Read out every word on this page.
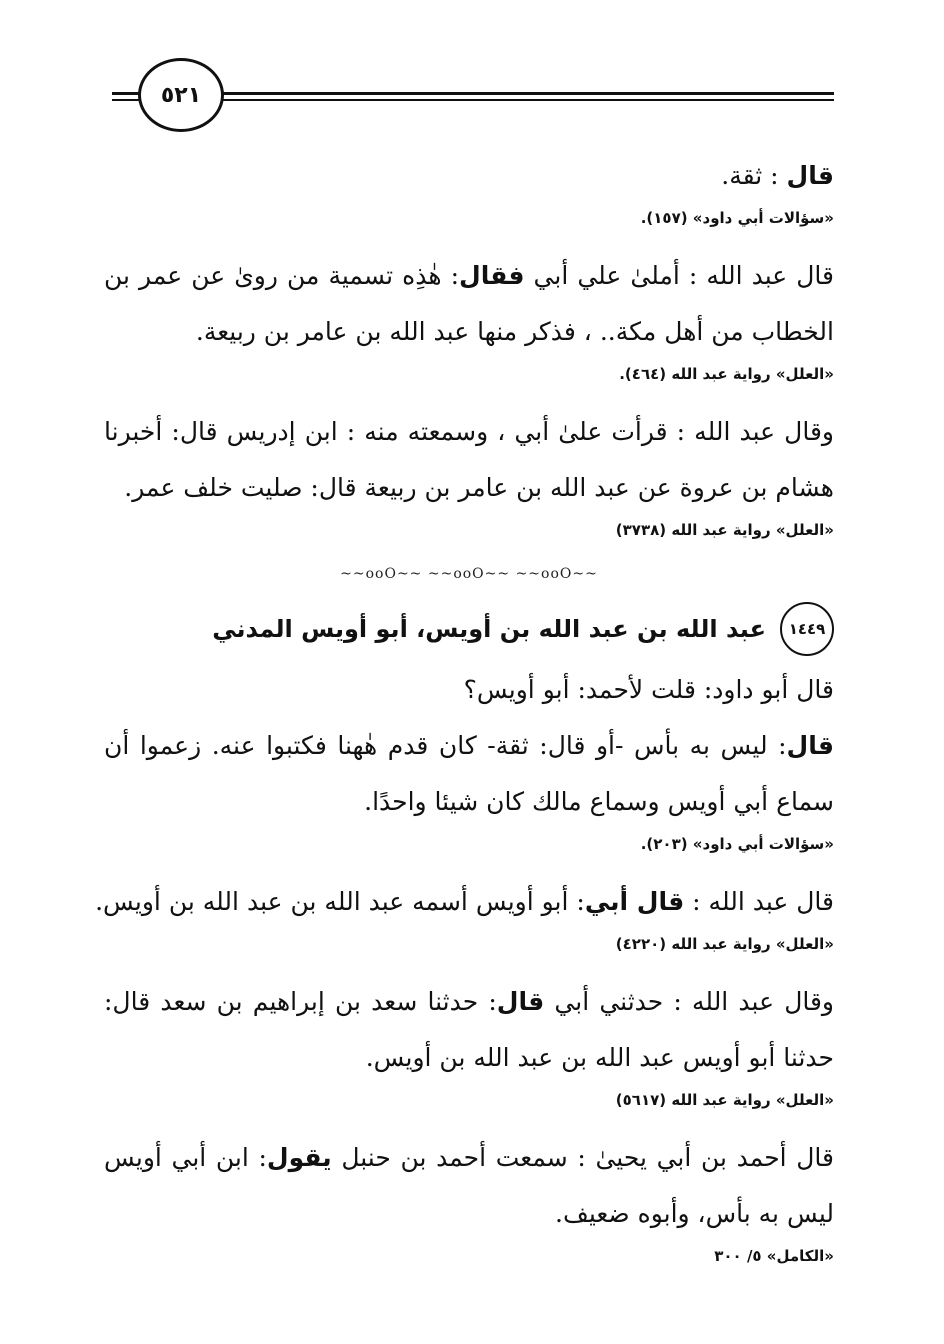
٥٢١

قال : ثقة.

«سؤالات أبي داود» (١٥٧).

قال عبد الله : أملىٰ علي أبي فقال: هٰذِه تسمية من روىٰ عن عمر بن

الخطاب من أهل مكة.. ، فذكر منها عبد الله بن عامر بن ربيعة.

«العلل» رواية عبد الله (٤٦٤).

وقال عبد الله : قرأت علىٰ أبي ، وسمعته منه : ابن إدريس قال: أخبرنا

هشام بن عروة عن عبد الله بن عامر بن ربيعة قال: صليت خلف عمر.

«العلل» رواية عبد الله (٣٧٣٨)

~~ooO~~ ~~ooO~~ ~~ooO~~
١٤٤٩
عبد الله بن عبد الله بن أويس، أبو أويس المدني

قال أبو داود: قلت لأحمد: أبو أويس؟

قال: ليس به بأس -أو قال: ثقة- كان قدم هٰهنا فكتبوا عنه. زعموا أن

سماع أبي أويس وسماع مالك كان شيئا واحدًا.

«سؤالات أبي داود» (٢٠٣).

قال عبد الله : قال أبي: أبو أويس أسمه عبد الله بن عبد الله بن أويس.

«العلل» رواية عبد الله (٤٢٢٠)

وقال عبد الله : حدثني أبي قال: حدثنا سعد بن إبراهيم بن سعد قال:

حدثنا أبو أويس عبد الله بن عبد الله بن أويس.

«العلل» رواية عبد الله (٥٦١٧)

قال أحمد بن أبي يحيىٰ : سمعت أحمد بن حنبل يقول: ابن أبي أويس

ليس به بأس، وأبوه ضعيف.

«الكامل» ٥/ ٣٠٠
